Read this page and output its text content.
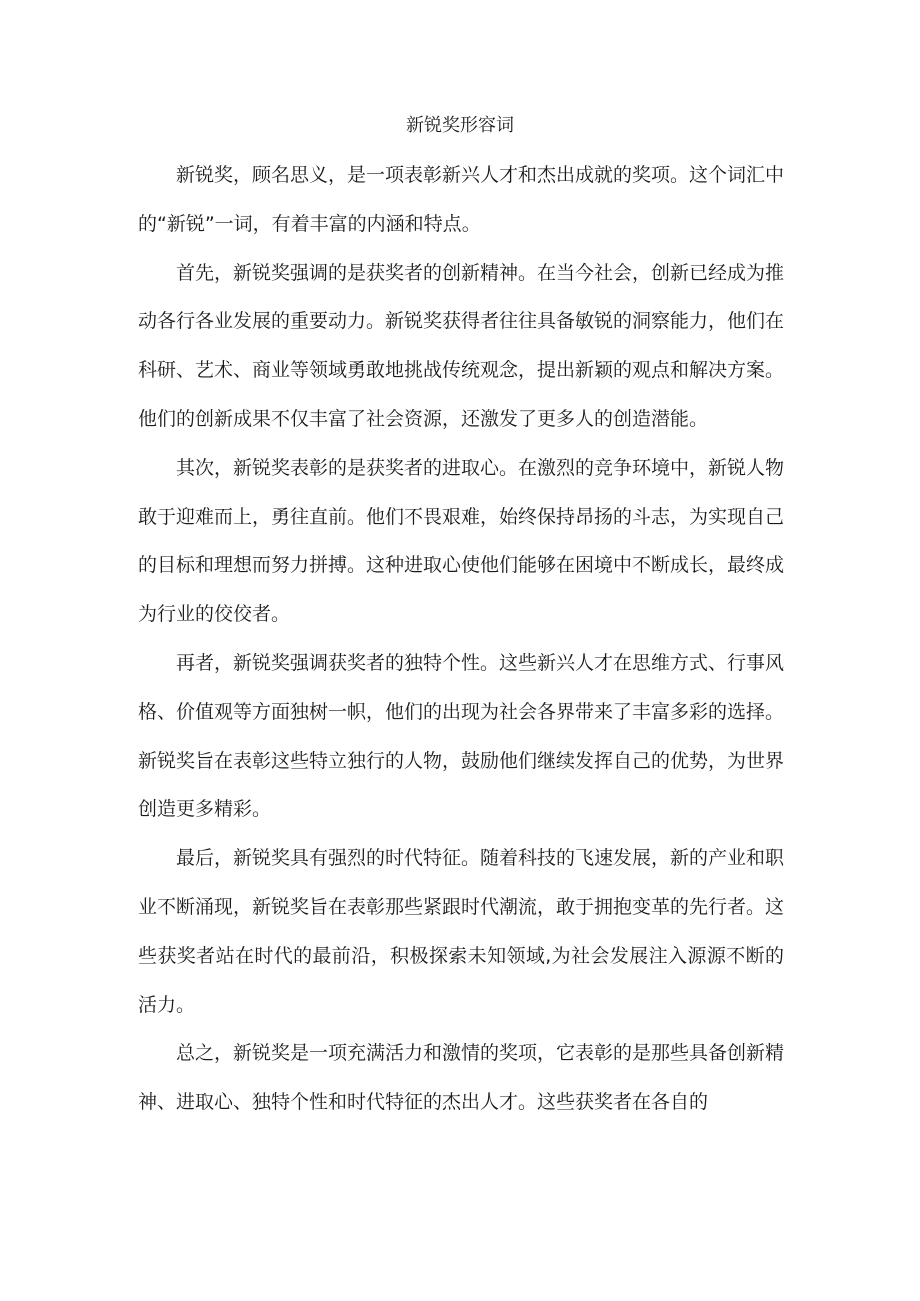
新锐奖形容词

新锐奖，顾名思义，是一项表彰新兴人才和杰出成就的奖项。这个词汇中的“新锐”一词，有着丰富的内涵和特点。

首先，新锐奖强调的是获奖者的创新精神。在当今社会，创新已经成为推动各行各业发展的重要动力。新锐奖获得者往往具备敏锐的洞察能力，他们在科研、艺术、商业等领域勇敢地挑战传统观念，提出新颖的观点和解决方案。他们的创新成果不仅丰富了社会资源，还激发了更多人的创造潜能。

其次，新锐奖表彰的是获奖者的进取心。在激烈的竞争环境中，新锐人物敢于迎难而上，勇往直前。他们不畏艰难，始终保持昂扬的斗志，为实现自己的目标和理想而努力拼搏。这种进取心使他们能够在困境中不断成长，最终成为行业的佼佼者。

再者，新锐奖强调获奖者的独特个性。这些新兴人才在思维方式、行事风格、价值观等方面独树一帜，他们的出现为社会各界带来了丰富多彩的选择。新锐奖旨在表彰这些特立独行的人物，鼓励他们继续发挥自己的优势，为世界创造更多精彩。

最后，新锐奖具有强烈的时代特征。随着科技的飞速发展，新的产业和职业不断涌现，新锐奖旨在表彰那些紧跟时代潮流，敢于拥抱变革的先行者。这些获奖者站在时代的最前沿，积极探索未知领域,为社会发展注入源源不断的活力。

总之，新锐奖是一项充满活力和激情的奖项，它表彰的是那些具备创新精神、进取心、独特个性和时代特征的杰出人才。这些获奖者在各自的
